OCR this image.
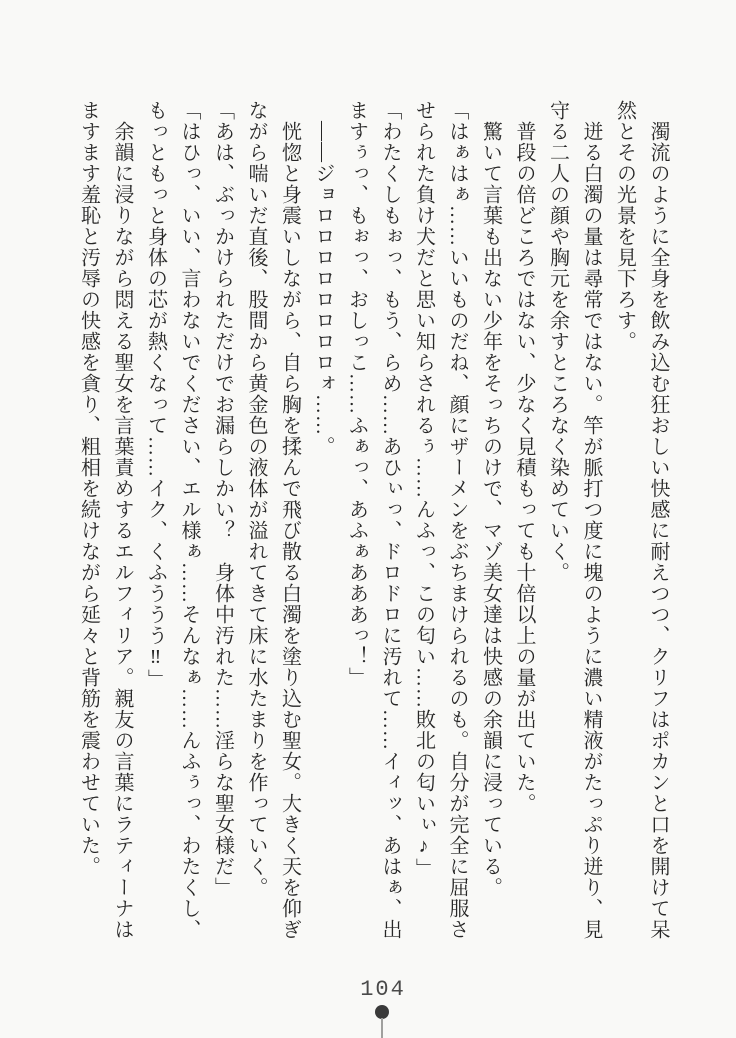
濁流のように全身を飲み込む狂おしい快感に耐えつつ、クリフはポカンと口を開けて呆

然とその光景を見下ろす。

迸る白濁の量は尋常ではない。竿が脈打つ度に塊のように濃い精液がたっぷり迸り、見

守る二人の顔や胸元を余すところなく染めていく。

普段の倍どころではない、少なく見積もっても十倍以上の量が出ていた。

驚いて言葉も出ない少年をそっちのけで、マゾ美女達は快感の余韻に浸っている。

「はぁはぁ……いいものだね、顔にザーメンをぶちまけられるのも。自分が完全に屈服さ

せられた負け犬だと思い知らされるぅ……んふっ、この匂い……敗北の匂いぃ♪」

「わたくしもぉっ、もう、らめ……あひぃっ、ドロドロに汚れて……イィッ、あはぁ、出

ますぅっ、もぉっ、おしっこ……ふぁっ、あふぁあああっ！」

――ジョロロロロロロロロォ……。

恍惚と身震いしながら、自ら胸を揉んで飛び散る白濁を塗り込む聖女。大きく天を仰ぎ

ながら喘いだ直後、股間から黄金色の液体が溢れてきて床に水たまりを作っていく。

「あは、ぶっかけられただけでお漏らしかい？　身体中汚れた……淫らな聖女様だ」

「はひっ、いい、言わないでください、エル様ぁ……そんなぁ……んふぅっ、わたくし、

もっともっと身体の芯が熱くなって……イク、くふううう‼」

余韻に浸りながら悶える聖女を言葉責めするエルフィリア。親友の言葉にラティーナは

ますます羞恥と汚辱の快感を貪り、粗相を続けながら延々と背筋を震わせていた。

104
